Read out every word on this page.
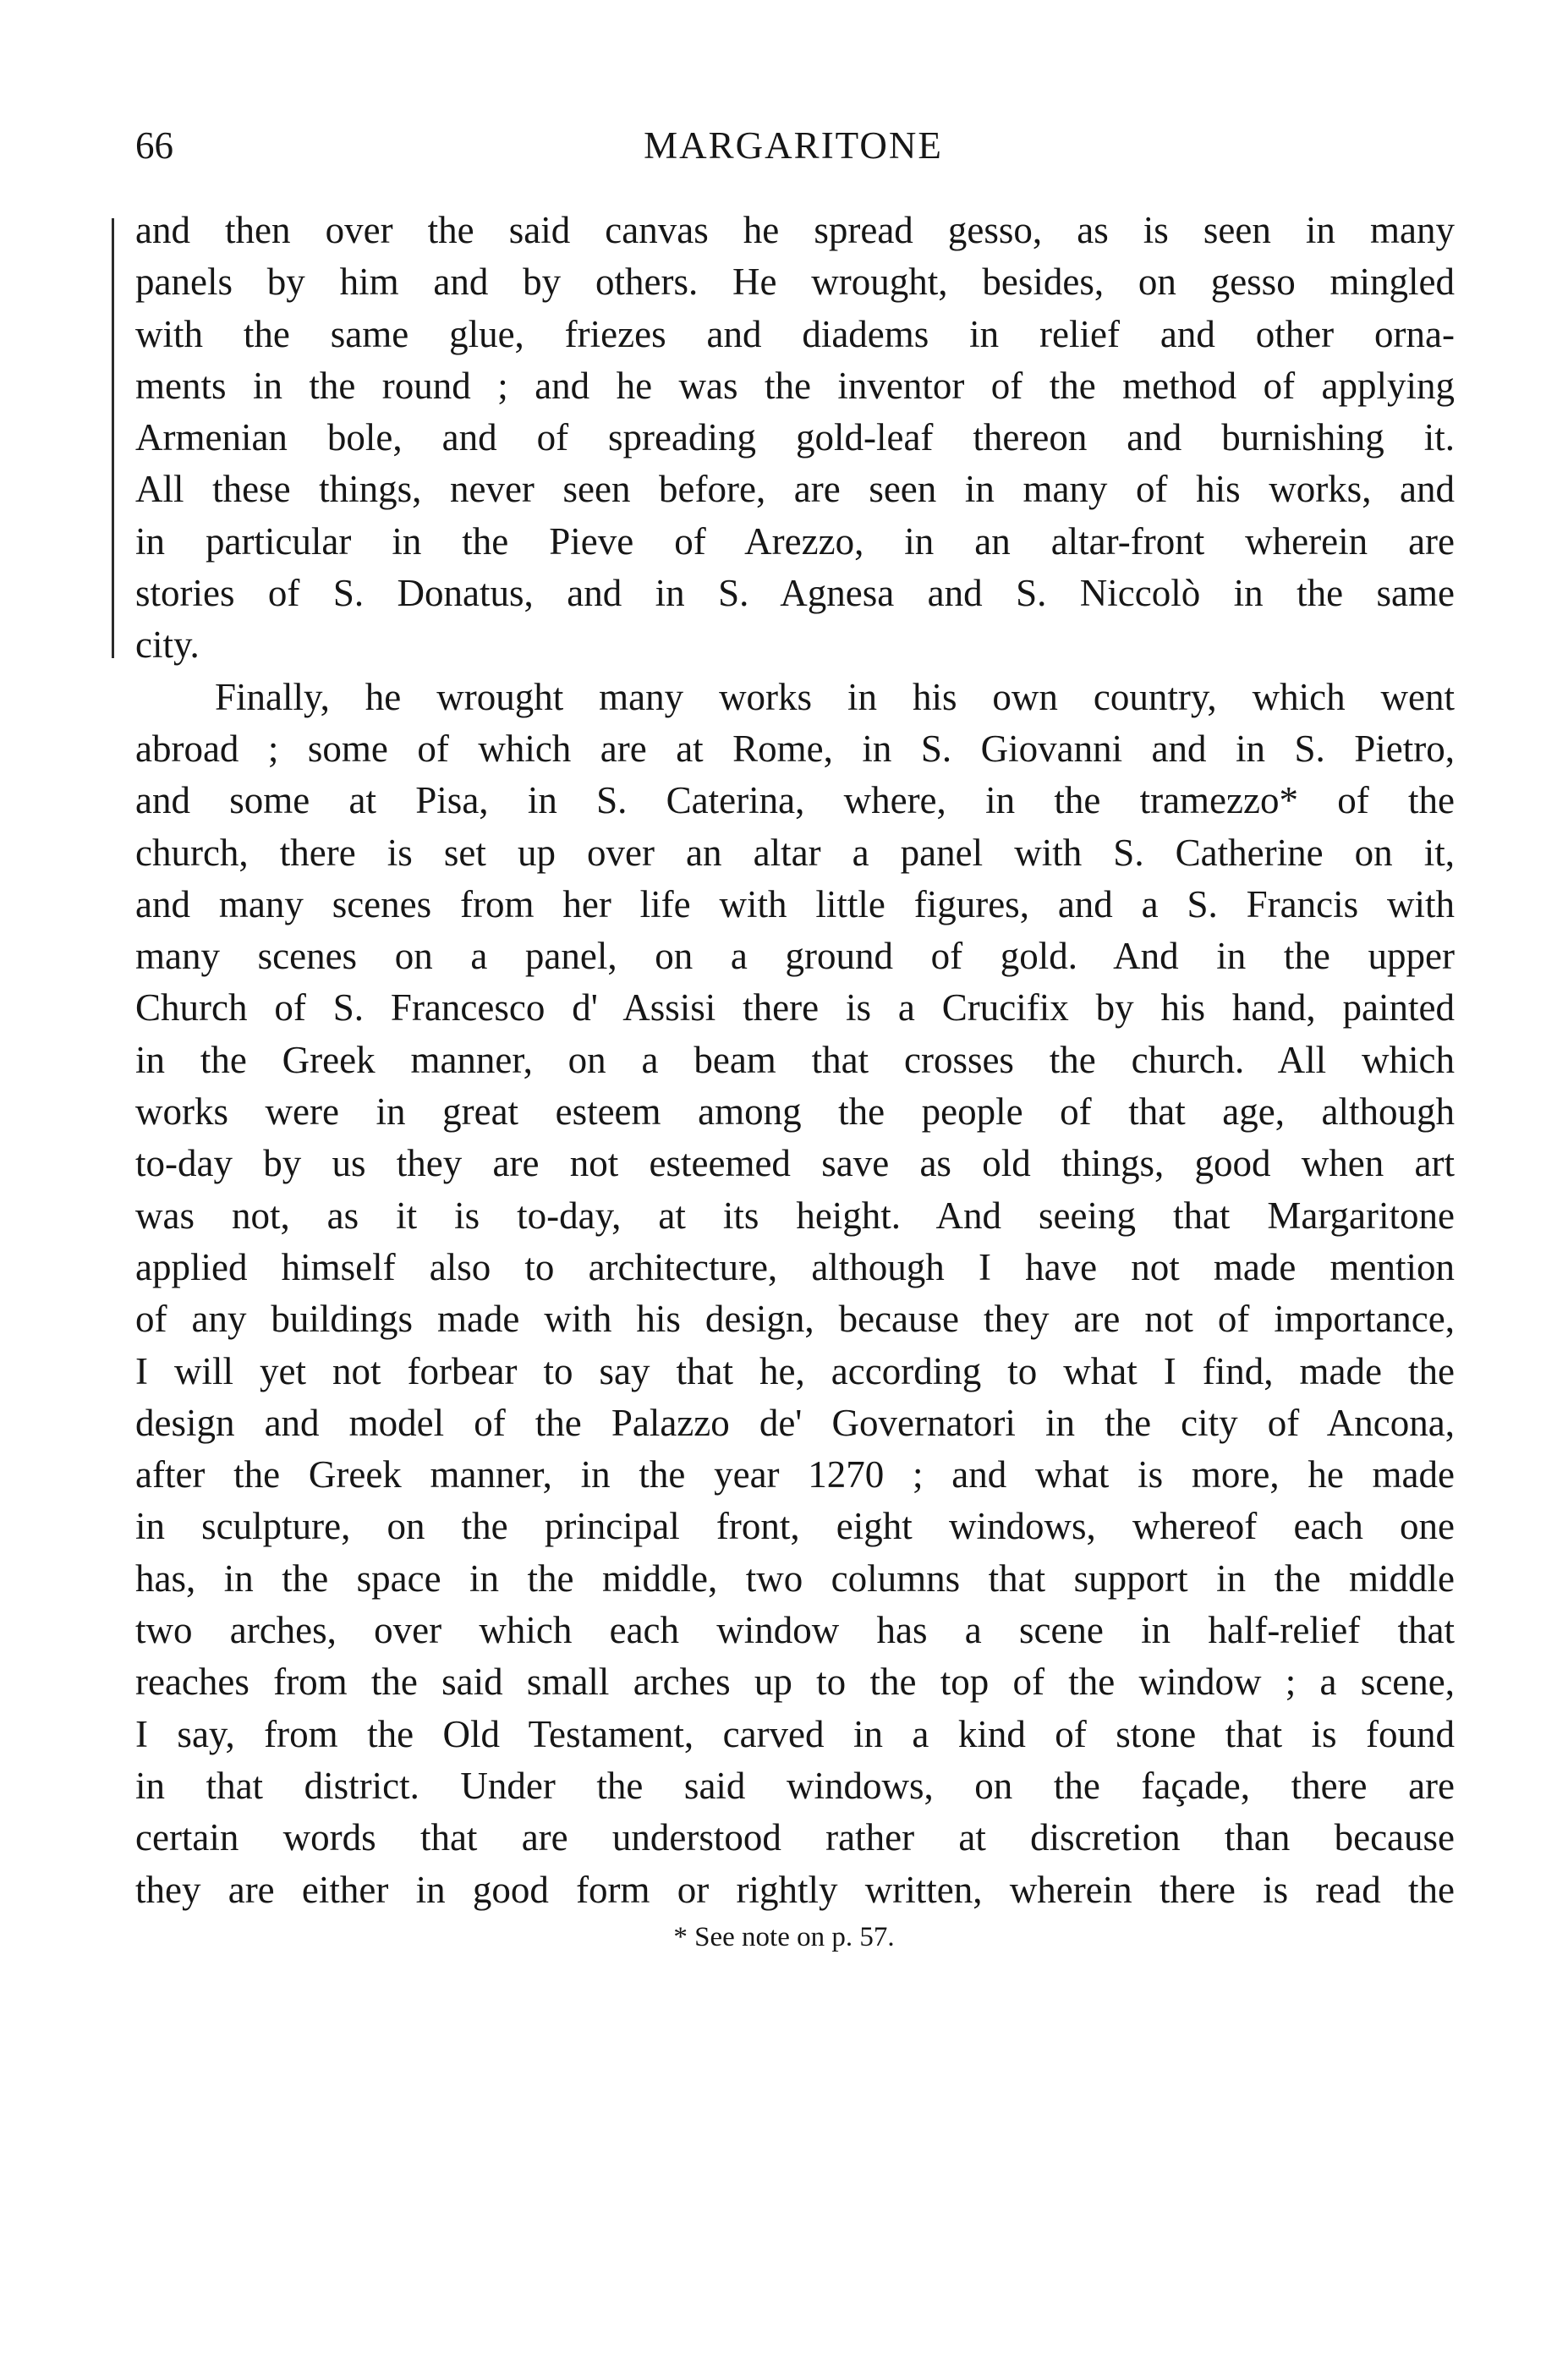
66	MARGARITONE
and then over the said canvas he spread gesso, as is seen in many
panels by him and by others. He wrought, besides, on gesso mingled
with the same glue, friezes and diadems in relief and other orna-
ments in the round ; and he was the inventor of the method of applying
Armenian bole, and of spreading gold-leaf thereon and burnishing it.
All these things, never seen before, are seen in many of his works, and
in particular in the Pieve of Arezzo, in an altar-front wherein are
stories of S. Donatus, and in S. Agnesa and S. Niccolò in the same
city.
Finally, he wrought many works in his own country, which went
abroad ; some of which are at Rome, in S. Giovanni and in S. Pietro,
and some at Pisa, in S. Caterina, where, in the tramezzo* of the
church, there is set up over an altar a panel with S. Catherine on it,
and many scenes from her life with little figures, and a S. Francis with
many scenes on a panel, on a ground of gold. And in the upper
Church of S. Francesco d' Assisi there is a Crucifix by his hand, painted
in the Greek manner, on a beam that crosses the church. All which
works were in great esteem among the people of that age, although
to-day by us they are not esteemed save as old things, good when art
was not, as it is to-day, at its height. And seeing that Margaritone
applied himself also to architecture, although I have not made mention
of any buildings made with his design, because they are not of importance,
I will yet not forbear to say that he, according to what I find, made the
design and model of the Palazzo de' Governatori in the city of Ancona,
after the Greek manner, in the year 1270 ; and what is more, he made
in sculpture, on the principal front, eight windows, whereof each one
has, in the space in the middle, two columns that support in the middle
two arches, over which each window has a scene in half-relief that
reaches from the said small arches up to the top of the window ; a scene,
I say, from the Old Testament, carved in a kind of stone that is found
in that district. Under the said windows, on the façade, there are
certain words that are understood rather at discretion than because
they are either in good form or rightly written, wherein there is read the
* See note on p. 57.
